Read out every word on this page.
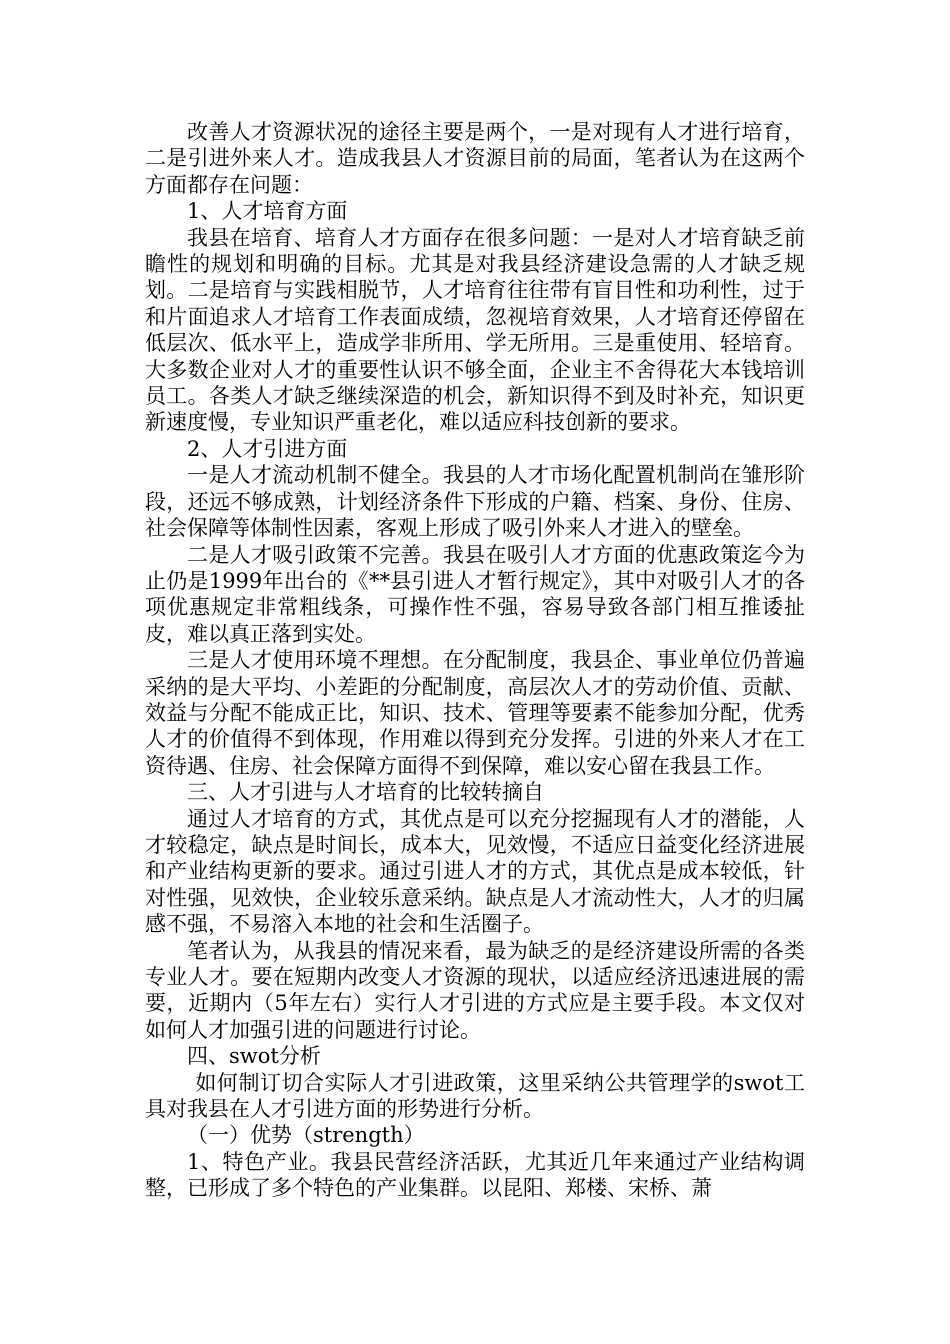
改善人才资源状况的途径主要是两个，一是对现有人才进行培育，二是引进外来人才。造成我县人才资源目前的局面，笔者认为在这两个方面都存在问题：

1、人才培育方面

我县在培育、培育人才方面存在很多问题：一是对人才培育缺乏前瞻性的规划和明确的目标。尤其是对我县经济建设急需的人才缺乏规划。二是培育与实践相脱节，人才培育往往带有盲目性和功利性，过于和片面追求人才培育工作表面成绩，忽视培育效果，人才培育还停留在低层次、低水平上，造成学非所用、学无所用。三是重使用、轻培育。大多数企业对人才的重要性认识不够全面，企业主不舍得花大本钱培训员工。各类人才缺乏继续深造的机会，新知识得不到及时补充，知识更新速度慢，专业知识严重老化，难以适应科技创新的要求。

2、人才引进方面

一是人才流动机制不健全。我县的人才市场化配置机制尚在雏形阶段，还远不够成熟，计划经济条件下形成的户籍、档案、身份、住房、社会保障等体制性因素，客观上形成了吸引外来人才进入的壁垒。

二是人才吸引政策不完善。我县在吸引人才方面的优惠政策迄今为止仍是1999年出台的《**县引进人才暂行规定》，其中对吸引人才的各项优惠规定非常粗线条，可操作性不强，容易导致各部门相互推诿扯皮，难以真正落到实处。

三是人才使用环境不理想。在分配制度，我县企、事业单位仍普遍采纳的是大平均、小差距的分配制度，高层次人才的劳动价值、贡献、效益与分配不能成正比，知识、技术、管理等要素不能参加分配，优秀人才的价值得不到体现，作用难以得到充分发挥。引进的外来人才在工资待遇、住房、社会保障方面得不到保障，难以安心留在我县工作。

三、人才引进与人才培育的比较转摘自

通过人才培育的方式，其优点是可以充分挖掘现有人才的潜能，人才较稳定，缺点是时间长，成本大，见效慢，不适应日益变化经济进展和产业结构更新的要求。通过引进人才的方式，其优点是成本较低，针对性强，见效快，企业较乐意采纳。缺点是人才流动性大，人才的归属感不强，不易溶入本地的社会和生活圈子。

笔者认为，从我县的情况来看，最为缺乏的是经济建设所需的各类专业人才。要在短期内改变人才资源的现状，以适应经济迅速进展的需要，近期内（5年左右）实行人才引进的方式应是主要手段。本文仅对如何人才加强引进的问题进行讨论。

四、swot分析

如何制订切合实际人才引进政策，这里采纳公共管理学的swot工具对我县在人才引进方面的形势进行分析。

（一）优势（strength）

1、特色产业。我县民营经济活跃，尤其近几年来通过产业结构调整，已形成了多个特色的产业集群。以昆阳、郑楼、宋桥、萧
